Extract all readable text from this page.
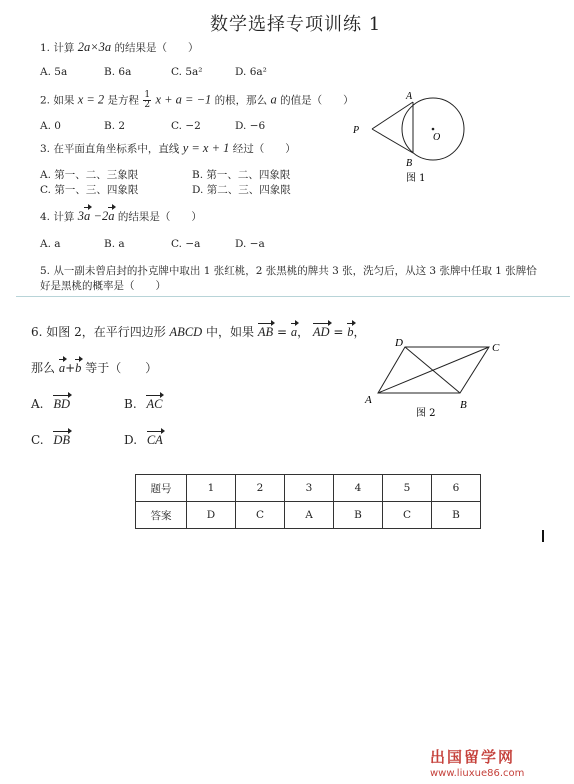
数学选择专项训练 1
1. 计算 2a×3a 的结果是（　　）
A. 5a	B. 6a	C. 5a²	D. 6a²
2. 如果 x = 2 是方程 $\frac{1}{2}$ x + a = −1 的根，那么 a 的值是（　　）
A. 0	B. 2	C. −2	D. −6
3. 在平面直角坐标系中，直线 y = x + 1 经过（　　）
A. 第一、二、三象限	B. 第一、二、四象限
C. 第一、三、四象限	D. 第二、三、四象限
4. 计算 3a −2a 的结果是（　　）
A. a	B. a	C. −a	D. −a
5. 从一副未曾启封的扑克牌中取出 1 张红桃，2 张黑桃的牌共 3 张，洗匀后，从这 3 张牌中任取 1 张牌恰
好是黑桃的概率是（　　）
A
P
O
B
图 1
6. 如图 2，在平行四边形 ABCD 中，如果 AB = a， AD = b，
那么 a+b 等于（　　）
A. BD	B. AC
C. DB	D. CA
D	C
A	B
图 2
题号	1	2	3	4	5	6
答案	D	C	A	B	C	B
出国留学网
www.liuxue86.com
